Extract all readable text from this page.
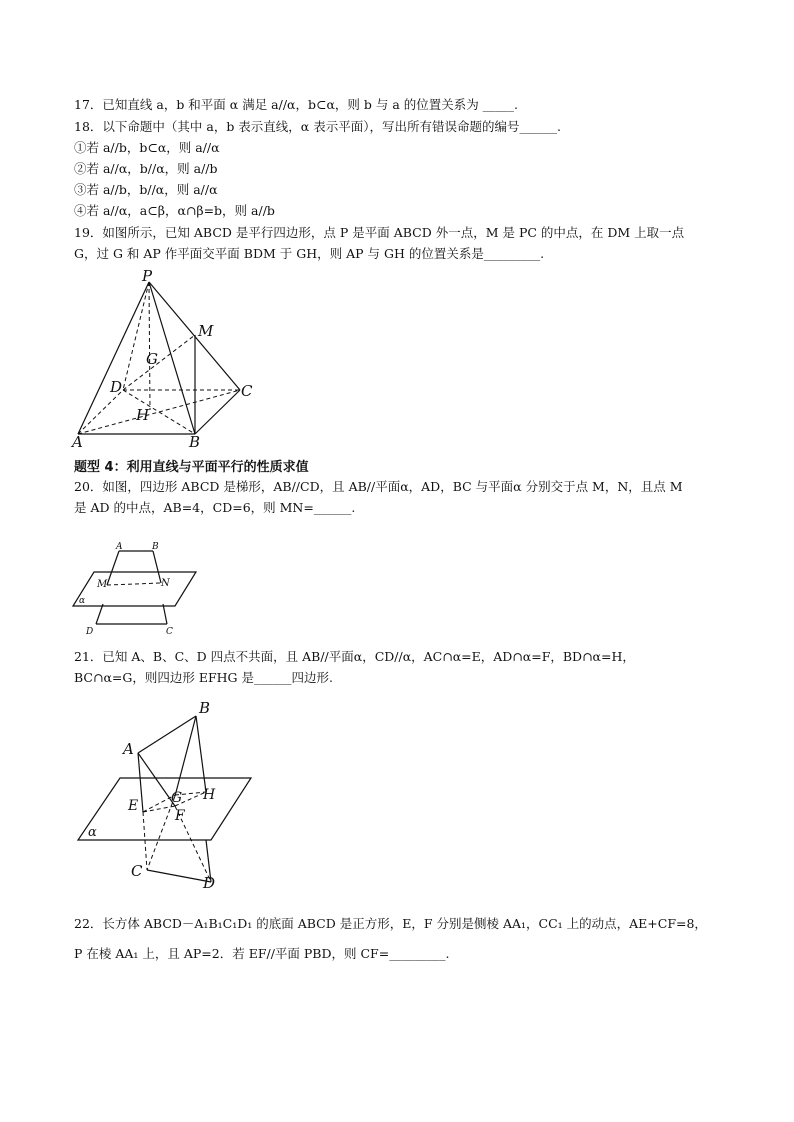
17．已知直线 a，b 和平面 α 满足 a//α，b⊂α，则 b 与 a 的位置关系为 _____.
18．以下命题中（其中 a，b 表示直线，α 表示平面），写出所有错误命题的编号______.
①若 a//b，b⊂α，则 a//α
②若 a//α，b//α，则 a//b
③若 a//b，b//α，则 a//α
④若 a//α，a⊂β，α∩β=b，则 a//b
19．如图所示，已知 ABCD 是平行四边形，点 P 是平面 ABCD 外一点，M 是 PC 的中点，在 DM 上取一点
G，过 G 和 AP 作平面交平面 BDM 于 GH，则 AP 与 GH 的位置关系是_________.
P
M
G
D	C
H
A	B
A	B
M	N
α
D	C
B
A
G H
E
F
α
C
D
题型 4：利用直线与平面平行的性质求值
20．如图，四边形 ABCD 是梯形，AB//CD，且 AB//平面α，AD，BC 与平面α 分别交于点 M，N，且点 M
是 AD 的中点，AB=4，CD=6，则 MN=______.
21．已知 A、B、C、D 四点不共面，且 AB//平面α，CD//α，AC∩α=E，AD∩α=F，BD∩α=H，
BC∩α=G，则四边形 EFHG 是______四边形.
22．长方体 ABCD－A₁B₁C₁D₁ 的底面 ABCD 是正方形，E，F 分别是侧棱 AA₁，CC₁ 上的动点，AE+CF=8，
P 在棱 AA₁ 上，且 AP=2．若 EF//平面 PBD，则 CF=_________.
